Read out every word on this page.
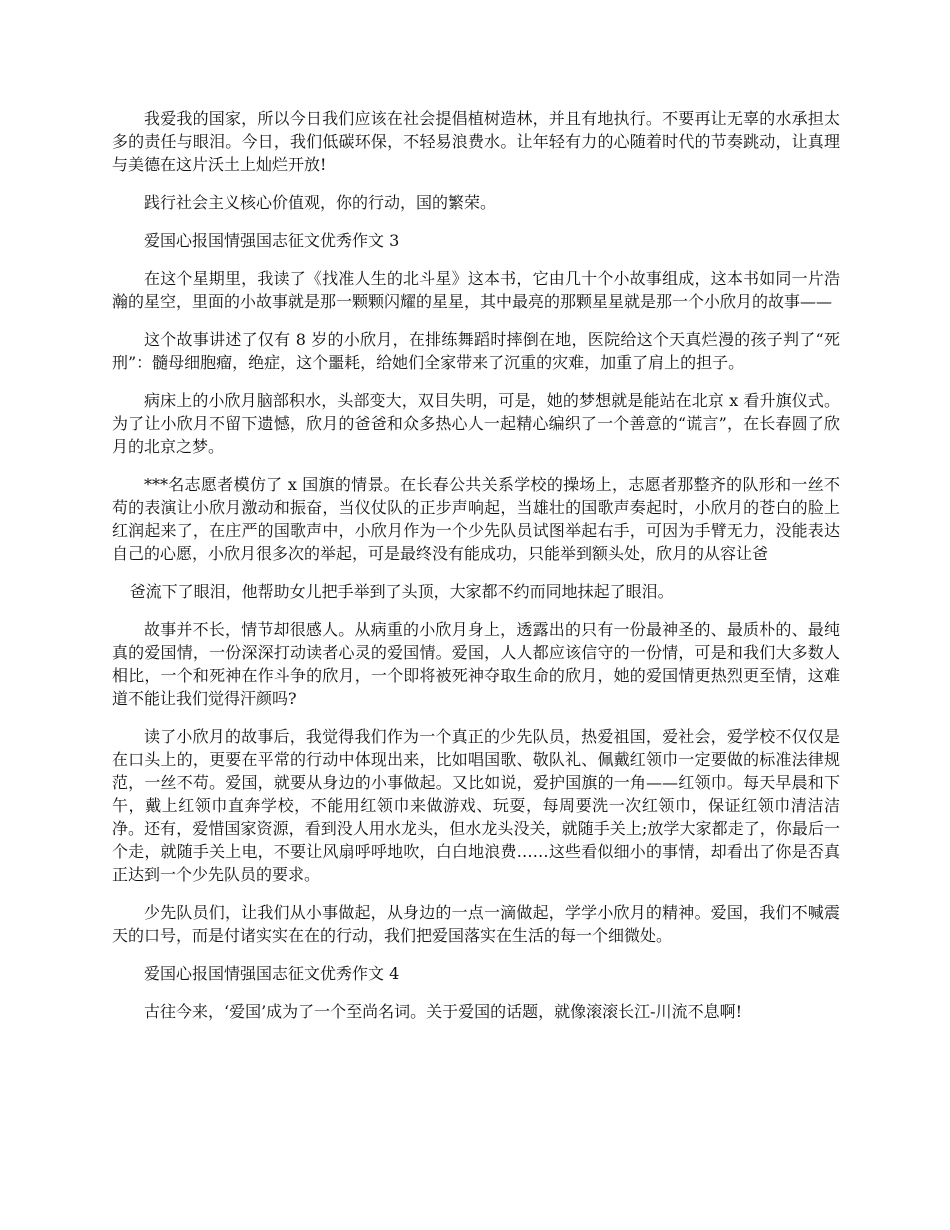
我爱我的国家，所以今日我们应该在社会提倡植树造林，并且有地执行。不要再让无辜的水承担太多的责任与眼泪。今日，我们低碳环保，不轻易浪费水。让年轻有力的心随着时代的节奏跳动，让真理与美德在这片沃土上灿烂开放!

践行社会主义核心价值观，你的行动，国的繁荣。

爱国心报国情强国志征文优秀作文 3

在这个星期里，我读了《找准人生的北斗星》这本书，它由几十个小故事组成，这本书如同一片浩瀚的星空，里面的小故事就是那一颗颗闪耀的星星，其中最亮的那颗星星就是那一个小欣月的故事——

这个故事讲述了仅有 8 岁的小欣月，在排练舞蹈时摔倒在地，医院给这个天真烂漫的孩子判了“死刑”：髓母细胞瘤，绝症，这个噩耗，给她们全家带来了沉重的灾难，加重了肩上的担子。

病床上的小欣月脑部积水，头部变大，双目失明，可是，她的梦想就是能站在北京 x 看升旗仪式。为了让小欣月不留下遗憾，欣月的爸爸和众多热心人一起精心编织了一个善意的“谎言”，在长春圆了欣月的北京之梦。

***名志愿者模仿了 x 国旗的情景。在长春公共关系学校的操场上，志愿者那整齐的队形和一丝不苟的表演让小欣月激动和振奋，当仪仗队的正步声响起，当雄壮的国歌声奏起时，小欣月的苍白的脸上红润起来了，在庄严的国歌声中，小欣月作为一个少先队员试图举起右手，可因为手臂无力，没能表达自己的心愿，小欣月很多次的举起，可是最终没有能成功，只能举到额头处，欣月的从容让爸

爸流下了眼泪，他帮助女儿把手举到了头顶，大家都不约而同地抹起了眼泪。

故事并不长，情节却很感人。从病重的小欣月身上，透露出的只有一份最神圣的、最质朴的、最纯真的爱国情，一份深深打动读者心灵的爱国情。爱国，人人都应该信守的一份情，可是和我们大多数人相比，一个和死神在作斗争的欣月，一个即将被死神夺取生命的欣月，她的爱国情更热烈更至情，这难道不能让我们觉得汗颜吗?

读了小欣月的故事后，我觉得我们作为一个真正的少先队员，热爱祖国，爱社会，爱学校不仅仅是在口头上的，更要在平常的行动中体现出来，比如唱国歌、敬队礼、佩戴红领巾一定要做的标准法律规范，一丝不苟。爱国，就要从身边的小事做起。又比如说，爱护国旗的一角——红领巾。每天早晨和下午，戴上红领巾直奔学校，不能用红领巾来做游戏、玩耍，每周要洗一次红领巾，保证红领巾清洁洁净。还有，爱惜国家资源，看到没人用水龙头，但水龙头没关，就随手关上;放学大家都走了，你最后一个走，就随手关上电，不要让风扇呼呼地吹，白白地浪费……这些看似细小的事情，却看出了你是否真正达到一个少先队员的要求。

少先队员们，让我们从小事做起，从身边的一点一滴做起，学学小欣月的精神。爱国，我们不喊震天的口号，而是付诸实实在在的行动，我们把爱国落实在生活的每一个细微处。

爱国心报国情强国志征文优秀作文 4

古往今来，‘爱国’成为了一个至尚名词。关于爱国的话题，就像滚滚长江-川流不息啊!
